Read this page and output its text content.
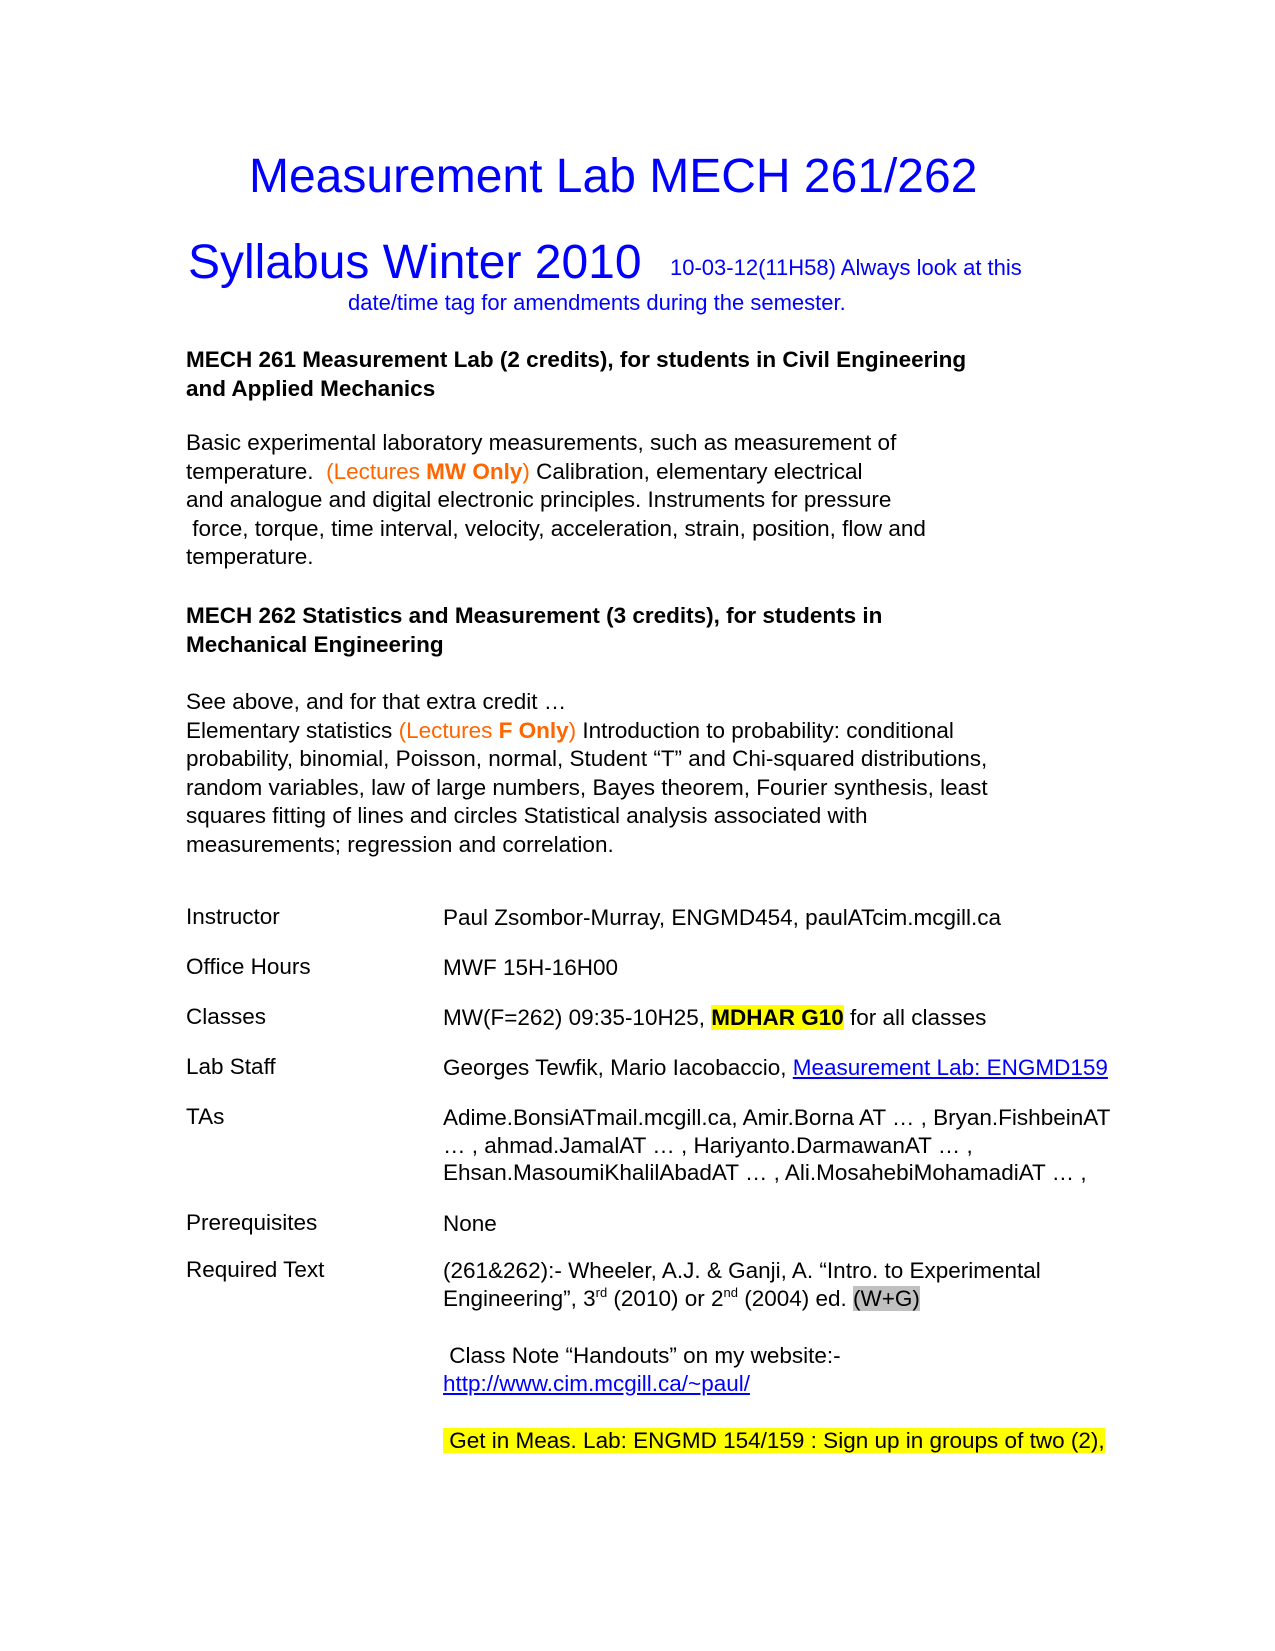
Measurement Lab MECH 261/262
Syllabus Winter 2010 10-03-12(11H58) Always look at this
date/time tag for amendments during the semester.
MECH 261 Measurement Lab (2 credits), for students in Civil Engineering
and Applied Mechanics
Basic experimental laboratory measurements, such as measurement of
temperature.  (Lectures MW Only) Calibration, elementary electrical
and analogue and digital electronic principles. Instruments for pressure
force, torque, time interval, velocity, acceleration, strain, position, flow and
temperature.
MECH 262 Statistics and Measurement (3 credits), for students in
Mechanical Engineering
See above, and for that extra credit …
Elementary statistics (Lectures F Only) Introduction to probability: conditional
probability, binomial, Poisson, normal, Student “T” and Chi-squared distributions,
random variables, law of large numbers, Bayes theorem, Fourier synthesis, least
squares fitting of lines and circles Statistical analysis associated with
measurements; regression and correlation.
Instructor	Paul Zsombor-Murray, ENGMD454, paulATcim.mcgill.ca
Office Hours	MWF 15H-16H00
Classes	MW(F=262) 09:35-10H25, MDHAR G10 for all classes
Lab Staff	Georges Tewfik, Mario Iacobaccio, Measurement Lab: ENGMD159
TAs	Adime.BonsiATmail.mcgill.ca, Amir.Borna AT … , Bryan.FishbeinAT
… , ahmad.JamalAT … , Hariyanto.DarmawanAT … ,
Ehsan.MasoumiKhalilAbadAT … , Ali.MosahebiMohamadiAT … ,
Prerequisites	None
Required Text	(261&262):- Wheeler, A.J. & Ganji, A. “Intro. to Experimental
Engineering”, 3rd (2010) or 2nd (2004) ed. (W+G)
Class Note “Handouts” on my website:-
http://www.cim.mcgill.ca/~paul/
Get in Meas. Lab: ENGMD 154/159 : Sign up in groups of two (2),
